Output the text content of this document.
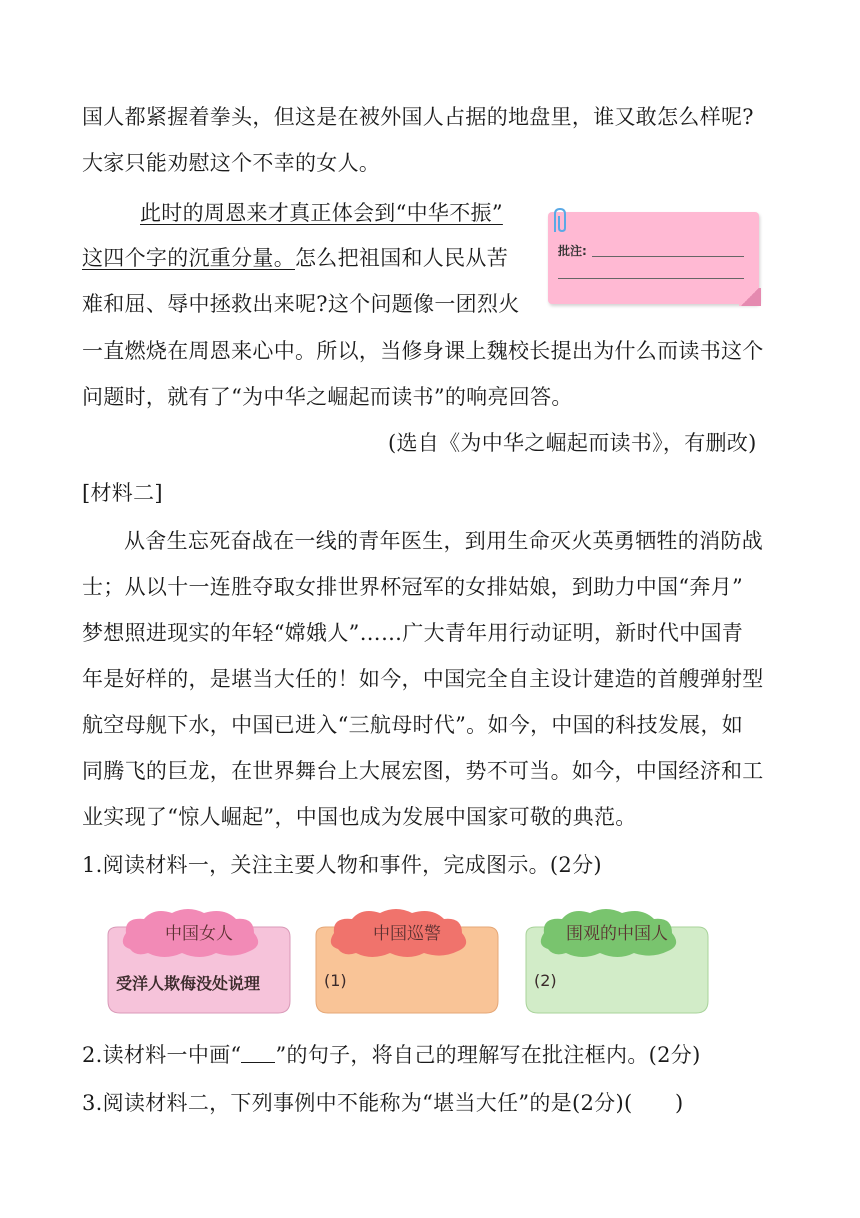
国人都紧握着拳头，但这是在被外国人占据的地盘里，谁又敢怎么样呢?
大家只能劝慰这个不幸的女人。
此时的周恩来才真正体会到“中华不振”
这四个字的沉重分量。怎么把祖国和人民从苦
难和屈、辱中拯救出来呢?这个问题像一团烈火
一直燃烧在周恩来心中。所以，当修身课上魏校长提出为什么而读书这个
问题时，就有了“为中华之崛起而读书”的响亮回答。
(选自《为中华之崛起而读书》，有删改)
批注:
[材料二]
从舍生忘死奋战在一线的青年医生，到用生命灭火英勇牺牲的消防战
士；从以十一连胜夺取女排世界杯冠军的女排姑娘，到助力中国“奔月”
梦想照进现实的年轻“嫦娥人”……广大青年用行动证明，新时代中国青
年是好样的，是堪当大任的！如今，中国完全自主设计建造的首艘弹射型
航空母舰下水，中国已进入“三航母时代”。如今，中国的科技发展，如
同腾飞的巨龙，在世界舞台上大展宏图，势不可当。如今，中国经济和工
业实现了“惊人崛起”，中国也成为发展中国家可敬的典范。
1.阅读材料一，关注主要人物和事件，完成图示。(2分)
中国女人
受洋人欺侮没处说理
中国巡警
(1)
围观的中国人
(2)
2.读材料一中画“ ”的句子，将自己的理解写在批注框内。(2分)
3.阅读材料二，下列事例中不能称为“堪当大任”的是(2分)(　　)
